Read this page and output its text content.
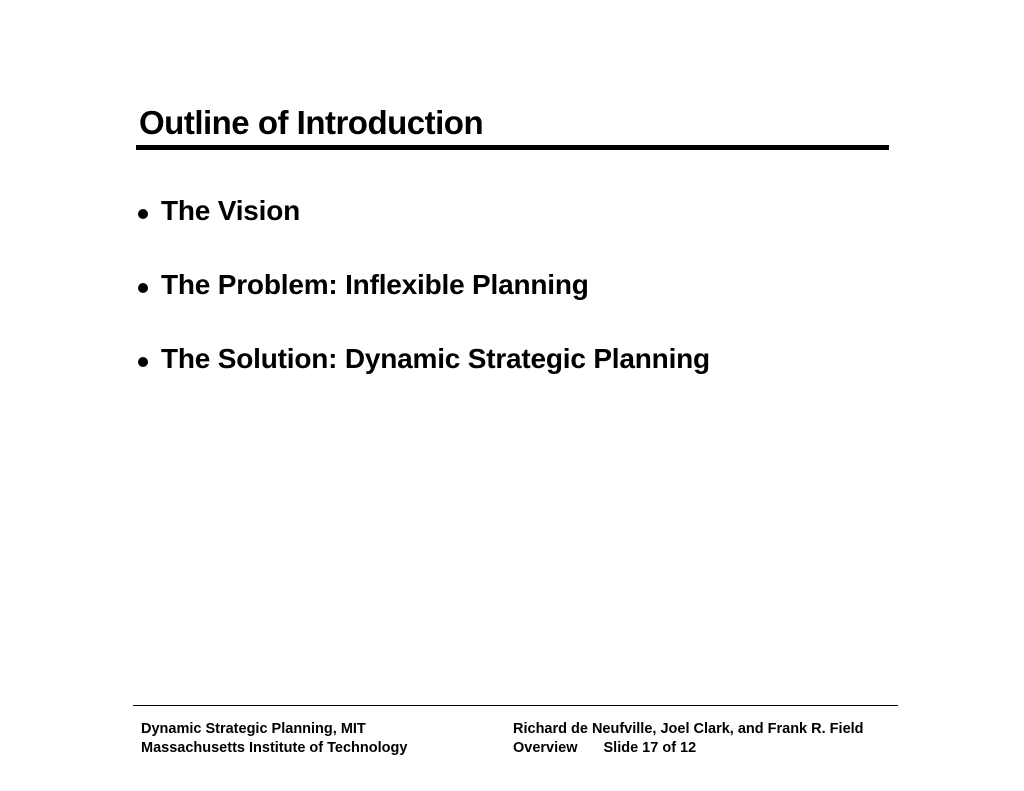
Outline of Introduction
The Vision
The Problem: Inflexible Planning
The Solution: Dynamic Strategic Planning
Dynamic Strategic Planning, MIT
Massachusetts Institute of Technology
Richard de Neufville, Joel Clark, and Frank R. Field
Overview Slide 17 of 12
